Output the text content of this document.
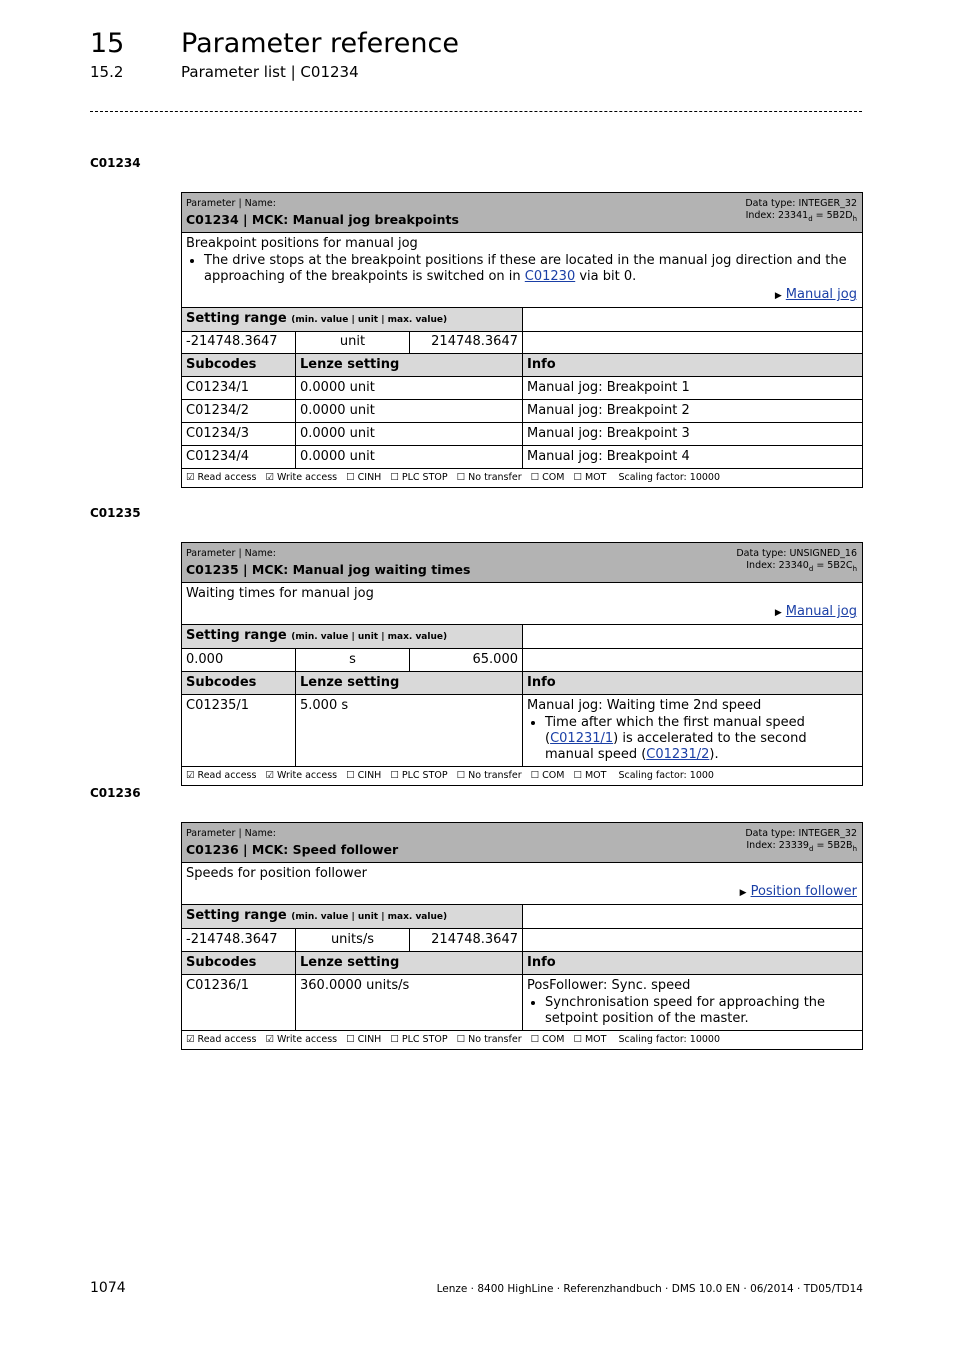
15 Parameter reference
15.2	Parameter list | C01234
C01234
Parameter | Name:
C01234 | MCK: Manual jog breakpoints
Data type: INTEGER_32
Index: $23341_d = 5B2D_h$
Breakpoint positions for manual jog
• The drive stops at the breakpoint positions if these are located in the manual jog direction and the approaching of the breakpoints is switched on in C01230 via bit 0.
▶ Manual jog
Setting range (min. value | unit | max. value)
-214748.3647	unit	214748.3647
Subcodes	Lenze setting	Info
C01234/1	0.0000 unit	Manual jog: Breakpoint 1
C01234/2	0.0000 unit	Manual jog: Breakpoint 2
C01234/3	0.0000 unit	Manual jog: Breakpoint 3
C01234/4	0.0000 unit	Manual jog: Breakpoint 4
☑ Read access ☑ Write access ☐ CINH ☐ PLC STOP ☐ No transfer ☐ COM ☐ MOT Scaling factor: 10000
C01235
Parameter | Name:
C01235 | MCK: Manual jog waiting times
Data type: UNSIGNED_16
Index: $23340_d = 5B2C_h$
Waiting times for manual jog
▶ Manual jog
Setting range (min. value | unit | max. value)
0.000	s	65.000
Subcodes	Lenze setting	Info
C01235/1	5.000 s	Manual jog: Waiting time 2nd speed
• Time after which the first manual speed (C01231/1) is accelerated to the second manual speed (C01231/2).
☑ Read access ☑ Write access ☐ CINH ☐ PLC STOP ☐ No transfer ☐ COM ☐ MOT Scaling factor: 1000
C01236
Parameter | Name:
C01236 | MCK: Speed follower
Data type: INTEGER_32
Index: $23339_d = 5B2B_h$
Speeds for position follower
▶ Position follower
Setting range (min. value | unit | max. value)
-214748.3647	units/s	214748.3647
Subcodes	Lenze setting	Info
C01236/1	360.0000 units/s	PosFollower: Sync. speed
• Synchronisation speed for approaching the setpoint position of the master.
☑ Read access ☑ Write access ☐ CINH ☐ PLC STOP ☐ No transfer ☐ COM ☐ MOT Scaling factor: 10000
1074	Lenze · 8400 HighLine · Referenzhandbuch · DMS 10.0 EN · 06/2014 · TD05/TD14
